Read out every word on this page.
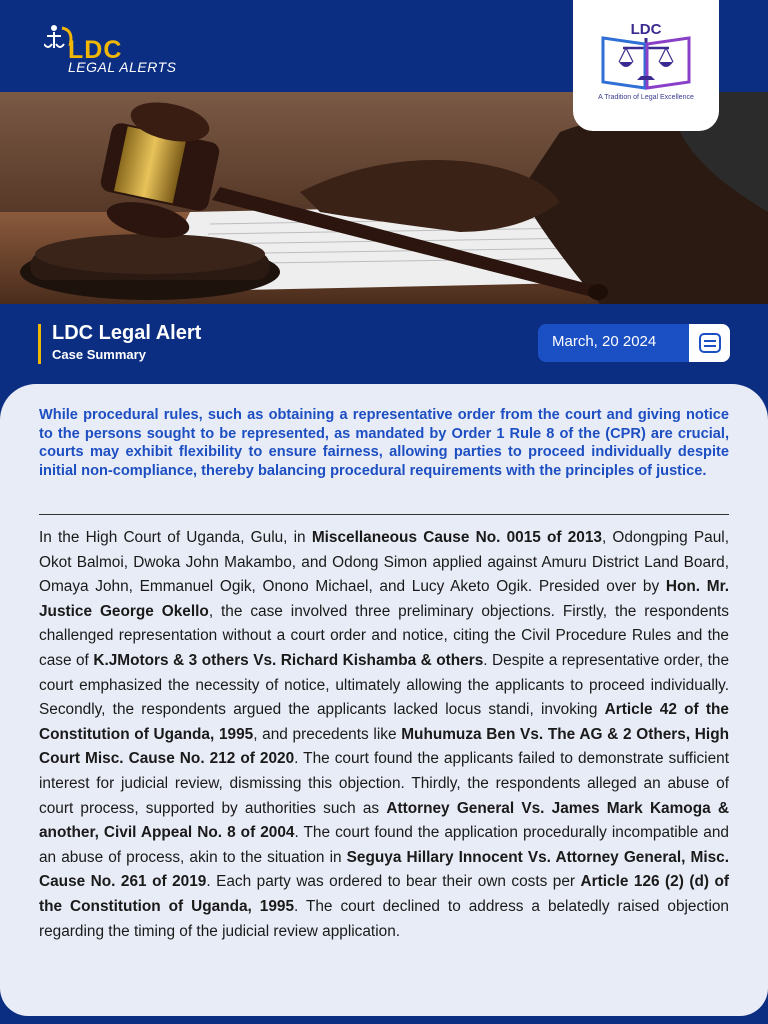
LDC
LEGAL ALERTS
LDC
A Tradition of Legal Excellence
LDC Legal Alert
Case Summary
March, 20 2024
While procedural rules, such as obtaining a representative order from the court and giving notice to the persons sought to be represented, as mandated by Order 1 Rule 8 of the (CPR) are crucial, courts may exhibit flexibility to ensure fairness, allowing parties to proceed individually despite initial non-compliance, thereby balancing procedural requirements with the principles of justice.
In the High Court of Uganda, Gulu, in Miscellaneous Cause No. 0015 of 2013, Odongping Paul, Okot Balmoi, Dwoka John Makambo, and Odong Simon applied against Amuru District Land Board, Omaya John, Emmanuel Ogik, Onono Michael, and Lucy Aketo Ogik. Presided over by Hon. Mr. Justice George Okello, the case involved three preliminary objections. Firstly, the respondents challenged representation without a court order and notice, citing the Civil Procedure Rules and the case of K.JMotors & 3 others Vs. Richard Kishamba & others. Despite a representative order, the court emphasized the necessity of notice, ultimately allowing the applicants to proceed individually. Secondly, the respondents argued the applicants lacked locus standi, invoking Article 42 of the Constitution of Uganda, 1995, and precedents like Muhumuza Ben Vs. The AG & 2 Others, High Court Misc. Cause No. 212 of 2020. The court found the applicants failed to demonstrate sufficient interest for judicial review, dismissing this objection. Thirdly, the respondents alleged an abuse of court process, supported by authorities such as Attorney General Vs. James Mark Kamoga & another, Civil Appeal No. 8 of 2004. The court found the application procedurally incompatible and an abuse of process, akin to the situation in Seguya Hillary Innocent Vs. Attorney General, Misc. Cause No. 261 of 2019. Each party was ordered to bear their own costs per Article 126 (2) (d) of the Constitution of Uganda, 1995. The court declined to address a belatedly raised objection regarding the timing of the judicial review application.
